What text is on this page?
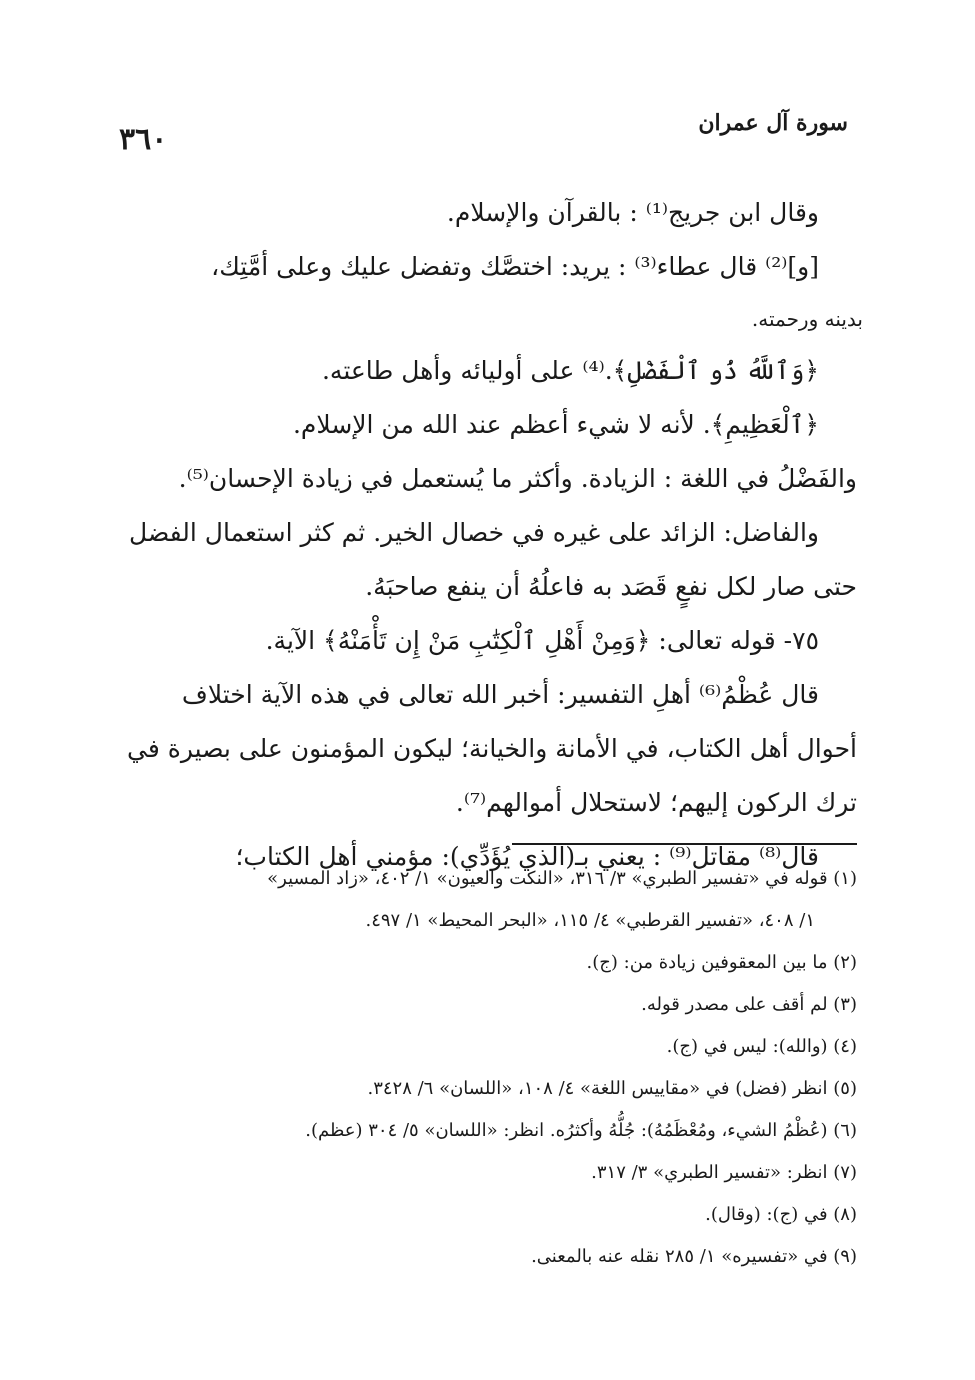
٣٦٠	سورة آل عمران
وقال ابن جريج⁽¹⁾ : بالقرآن والإسلام.
[و]⁽²⁾ قال عطاء⁽³⁾ : يريد: اختصَّك وتفضل عليك وعلى أمَّتِك،
بدينه ورحمته.
﴿وَٱللَّهُ ذُو ٱلْفَضْلِ﴾.⁽⁴⁾ على أوليائه وأهل طاعته.
﴿ٱلْعَظِيمِ﴾. لأنه لا شيء أعظم عند الله من الإسلام.
والفَضْلُ في اللغة : الزيادة. وأكثر ما يُستعمل في زيادة الإحسان⁽⁵⁾.
والفاضل: الزائد على غيره في خصال الخير. ثم كثر استعمال الفضل
حتى صار لكل نفعٍ قَصَد به فاعلُهُ أن ينفع صاحبَهُ.
٧٥- قوله تعالى: ﴿وَمِنْ أَهْلِ ٱلْكِتَٰبِ مَنْ إِن تَأْمَنْهُ﴾ الآية.
قال عُظْمُ⁽⁶⁾ أهلِ التفسير: أخبر الله تعالى في هذه الآية اختلاف
أحوال أهل الكتاب، في الأمانة والخيانة؛ ليكون المؤمنون على بصيرة في
ترك الركون إليهم؛ لاستحلال أموالهم⁽⁷⁾.
قال⁽⁸⁾ مقاتل⁽⁹⁾ : يعني بـ(الذي يُؤَدِّي): مؤمني أهل الكتاب؛
(١) قوله في «تفسير الطبري» ٣/ ٣١٦، «النكت والعيون» ١/ ٤٠٢، «زاد المسير»
١/ ٤٠٨، «تفسير القرطبي» ٤/ ١١٥، «البحر المحيط» ١/ ٤٩٧.
(٢) ما بين المعقوفين زيادة من: (ج).
(٣) لم أقف على مصدر قوله.
(٤) (والله): ليس في (ج).
(٥) انظر (فضل) في «مقاييس اللغة» ٤/ ١٠٨، «اللسان» ٦/ ٣٤٢٨.
(٦) (عُظْمُ الشيء، ومُعْظَمُهُ): جُلُّهُ وأكثرُه. انظر: «اللسان» ٥/ ٣٠٤ (عظم).
(٧) انظر: «تفسير الطبري» ٣/ ٣١٧.
(٨) في (ج): (وقال).
(٩) في «تفسيره» ١/ ٢٨٥ نقله عنه بالمعنى.
